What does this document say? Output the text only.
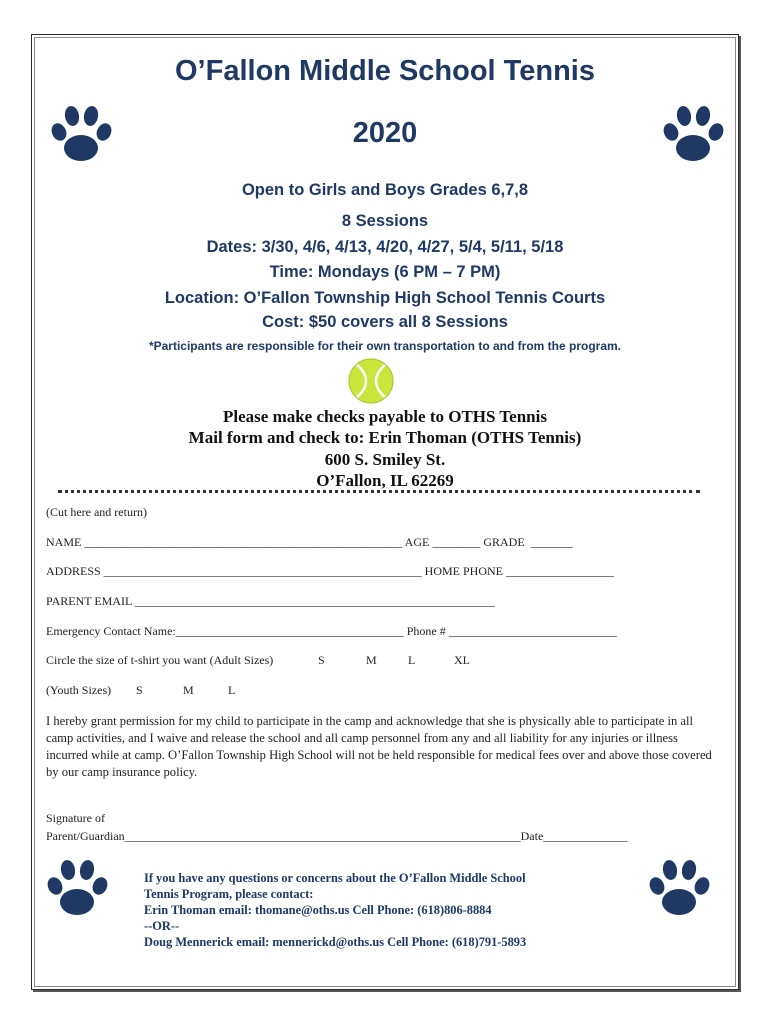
O’Fallon Middle School Tennis
2020
Open to Girls and Boys Grades 6,7,8
8 Sessions
Dates: 3/30, 4/6, 4/13, 4/20, 4/27, 5/4, 5/11, 5/18
Time: Mondays (6 PM – 7 PM)
Location: O’Fallon Township High School Tennis Courts
Cost: $50 covers all 8 Sessions
*Participants are responsible for their own transportation to and from the program.
Please make checks payable to OTHS Tennis
Mail form and check to: Erin Thoman (OTHS Tennis)
600 S. Smiley St.
O’Fallon, IL 62269
(Cut here and return)
NAME _____________________________________________________ AGE ________ GRADE  _______
ADDRESS _____________________________________________________ HOME PHONE __________________
PARENT EMAIL ____________________________________________________________
Emergency Contact Name:______________________________________ Phone # ____________________________
Circle the size of t-shirt you want (Adult Sizes)	S	M	L	XL
(Youth Sizes) S	M	L
I hereby grant permission for my child to participate in the camp and acknowledge that she is physically able to participate in all camp activities, and I waive and release the school and all camp personnel from any and all liability for any injuries or illness incurred while at camp. O’Fallon Township High School will not be held responsible for medical fees over and above those covered by our camp insurance policy.
Signature of
Parent/Guardian__________________________________________________________________Date______________
If you have any questions or concerns about the O’Fallon Middle School
Tennis Program, please contact:
Erin Thoman email: thomane@oths.us Cell Phone: (618)806-8884
--OR--
Doug Mennerick email: mennerickd@oths.us Cell Phone: (618)791-5893
